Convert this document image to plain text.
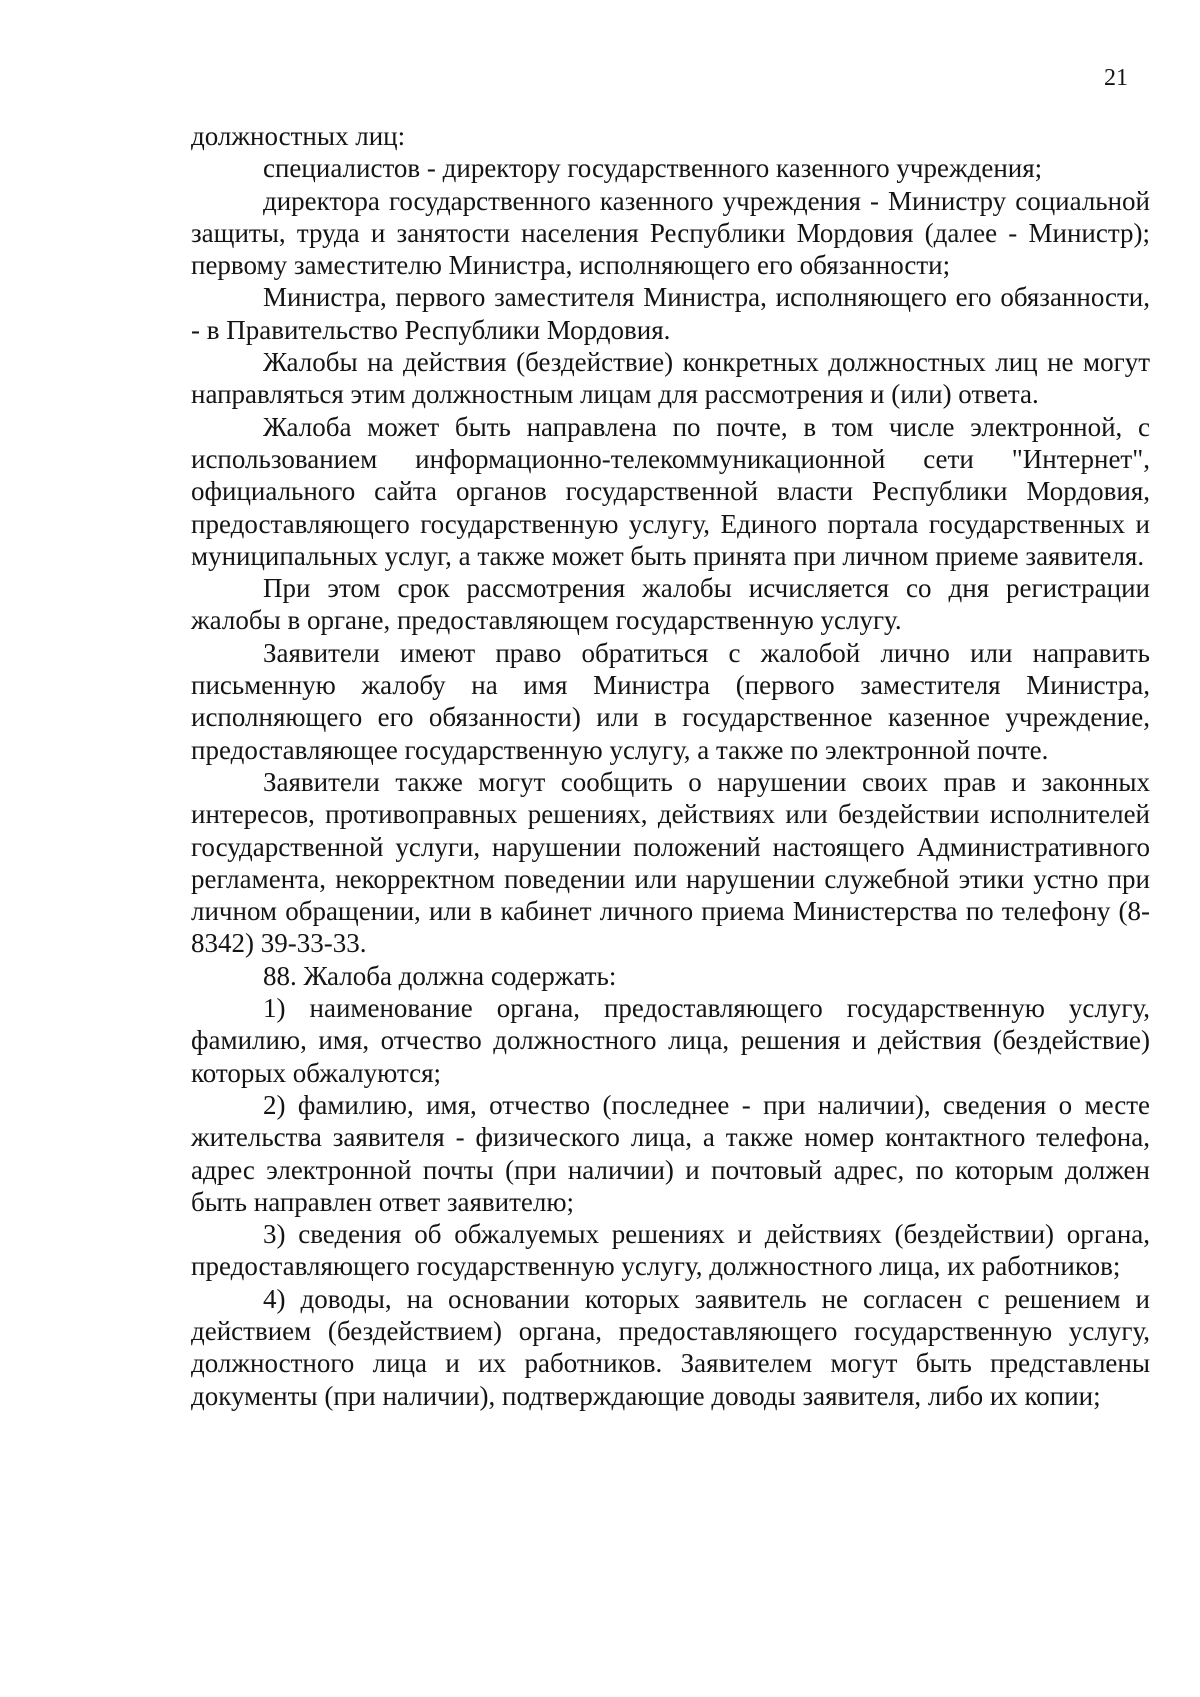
21

должностных лиц:

специалистов - директору государственного казенного учреждения;

директора государственного казенного учреждения - Министру социальной защиты, труда и занятости населения Республики Мордовия (далее - Министр); первому заместителю Министра, исполняющего его обязанности;

Министра, первого заместителя Министра, исполняющего его обязанности, - в Правительство Республики Мордовия.

Жалобы на действия (бездействие) конкретных должностных лиц не могут направляться этим должностным лицам для рассмотрения и (или) ответа.

Жалоба может быть направлена по почте, в том числе электронной, с использованием информационно-телекоммуникационной сети "Интернет", официального сайта органов государственной власти Республики Мордовия, предоставляющего государственную услугу, Единого портала государственных и муниципальных услуг, а также может быть принята при личном приеме заявителя.

При этом срок рассмотрения жалобы исчисляется со дня регистрации жалобы в органе, предоставляющем государственную услугу.

Заявители имеют право обратиться с жалобой лично или направить письменную жалобу на имя Министра (первого заместителя Министра, исполняющего его обязанности) или в государственное казенное учреждение, предоставляющее государственную услугу, а также по электронной почте.

Заявители также могут сообщить о нарушении своих прав и законных интересов, противоправных решениях, действиях или бездействии исполнителей государственной услуги, нарушении положений настоящего Административного регламента, некорректном поведении или нарушении служебной этики устно при личном обращении, или в кабинет личного приема Министерства по телефону (8-8342) 39-33-33.

88. Жалоба должна содержать:

1) наименование органа, предоставляющего государственную услугу, фамилию, имя, отчество должностного лица, решения и действия (бездействие) которых обжалуются;

2) фамилию, имя, отчество (последнее - при наличии), сведения о месте жительства заявителя - физического лица, а также номер контактного телефона, адрес электронной почты (при наличии) и почтовый адрес, по которым должен быть направлен ответ заявителю;

3) сведения об обжалуемых решениях и действиях (бездействии) органа, предоставляющего государственную услугу, должностного лица, их работников;

4) доводы, на основании которых заявитель не согласен с решением и действием (бездействием) органа, предоставляющего государственную услугу, должностного лица и их работников. Заявителем могут быть представлены документы (при наличии), подтверждающие доводы заявителя, либо их копии;
